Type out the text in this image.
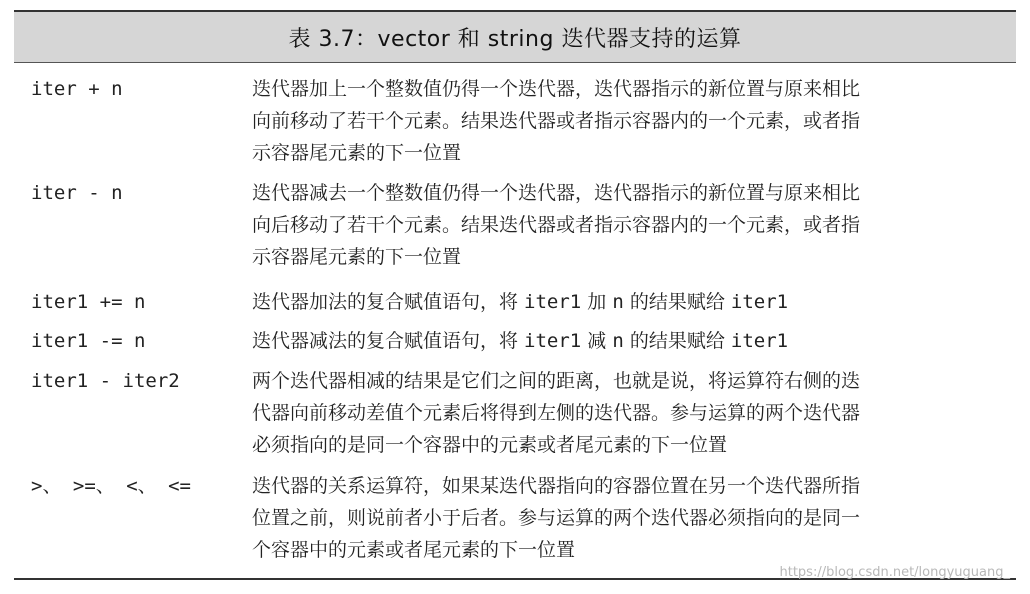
表 3.7：vector 和 string 迭代器支持的运算
iter + n	迭代器加上一个整数值仍得一个迭代器，迭代器指示的新位置与原来相比
向前移动了若干个元素。结果迭代器或者指示容器内的一个元素，或者指
示容器尾元素的下一位置
iter - n	迭代器减去一个整数值仍得一个迭代器，迭代器指示的新位置与原来相比
向后移动了若干个元素。结果迭代器或者指示容器内的一个元素，或者指
示容器尾元素的下一位置
iter1 += n	迭代器加法的复合赋值语句，将 iter1 加 n 的结果赋给 iter1
iter1 -= n	迭代器减法的复合赋值语句，将 iter1 减 n 的结果赋给 iter1
iter1 - iter2	两个迭代器相减的结果是它们之间的距离，也就是说，将运算符右侧的迭
代器向前移动差值个元素后将得到左侧的迭代器。参与运算的两个迭代器
必须指向的是同一个容器中的元素或者尾元素的下一位置
>、 >=、 <、 <=	迭代器的关系运算符，如果某迭代器指向的容器位置在另一个迭代器所指
位置之前，则说前者小于后者。参与运算的两个迭代器必须指向的是同一
个容器中的元素或者尾元素的下一位置
https://blog.csdn.net/longyuguang_
